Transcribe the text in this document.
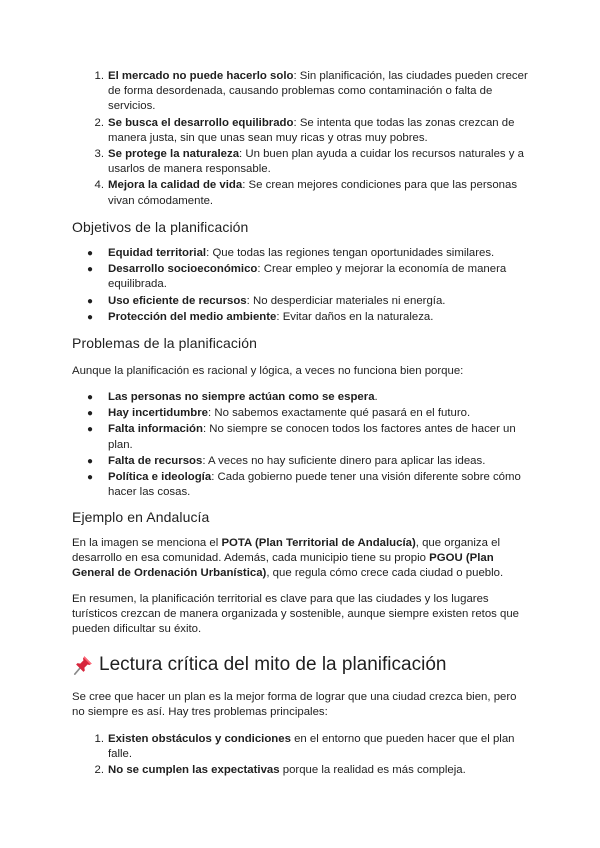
1. El mercado no puede hacerlo solo: Sin planificación, las ciudades pueden crecer de forma desordenada, causando problemas como contaminación o falta de servicios.
2. Se busca el desarrollo equilibrado: Se intenta que todas las zonas crezcan de manera justa, sin que unas sean muy ricas y otras muy pobres.
3. Se protege la naturaleza: Un buen plan ayuda a cuidar los recursos naturales y a usarlos de manera responsable.
4. Mejora la calidad de vida: Se crean mejores condiciones para que las personas vivan cómodamente.
Objetivos de la planificación
● Equidad territorial: Que todas las regiones tengan oportunidades similares.
● Desarrollo socioeconómico: Crear empleo y mejorar la economía de manera equilibrada.
● Uso eficiente de recursos: No desperdiciar materiales ni energía.
● Protección del medio ambiente: Evitar daños en la naturaleza.
Problemas de la planificación

Aunque la planificación es racional y lógica, a veces no funciona bien porque:

● Las personas no siempre actúan como se espera.
● Hay incertidumbre: No sabemos exactamente qué pasará en el futuro.
● Falta información: No siempre se conocen todos los factores antes de hacer un plan.
● Falta de recursos: A veces no hay suficiente dinero para aplicar las ideas.
● Política e ideología: Cada gobierno puede tener una visión diferente sobre cómo hacer las cosas.
Ejemplo en Andalucía

En la imagen se menciona el POTA (Plan Territorial de Andalucía), que organiza el desarrollo en esa comunidad. Además, cada municipio tiene su propio PGOU (Plan General de Ordenación Urbanística), que regula cómo crece cada ciudad o pueblo.

En resumen, la planificación territorial es clave para que las ciudades y los lugares turísticos crezcan de manera organizada y sostenible, aunque siempre existen retos que pueden dificultar su éxito.

Lectura crítica del mito de la planificación

Se cree que hacer un plan es la mejor forma de lograr que una ciudad crezca bien, pero no siempre es así. Hay tres problemas principales:

1. Existen obstáculos y condiciones en el entorno que pueden hacer que el plan falle.
2. No se cumplen las expectativas porque la realidad es más compleja.
